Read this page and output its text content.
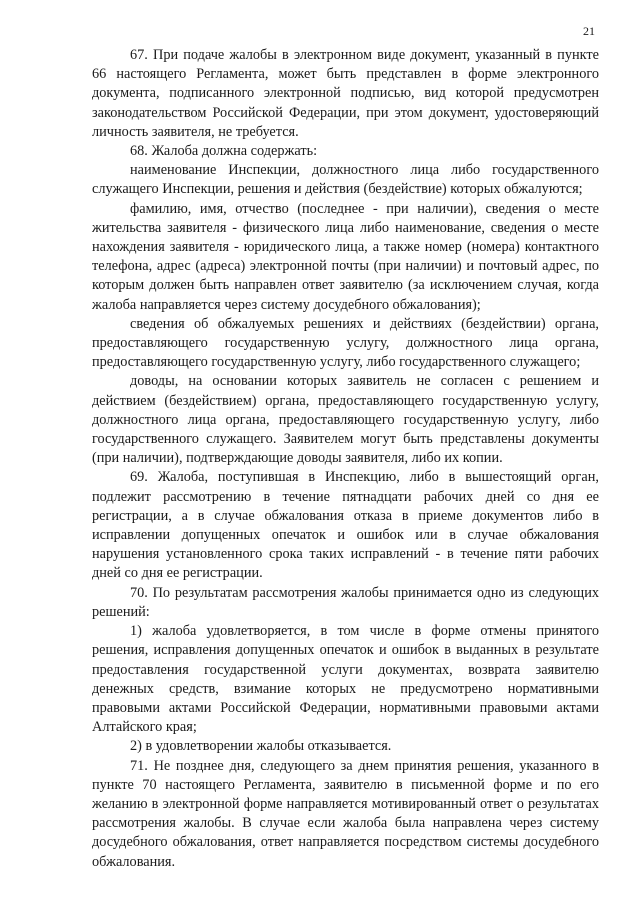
21

67. При подаче жалобы в электронном виде документ, указанный в пункте 66 настоящего Регламента, может быть представлен в форме электронного документа, подписанного электронной подписью, вид которой предусмотрен законодательством Российской Федерации, при этом документ, удостоверяющий личность заявителя, не требуется.

68. Жалоба должна содержать:

наименование Инспекции, должностного лица либо государственного служащего Инспекции, решения и действия (бездействие) которых обжалуются;

фамилию, имя, отчество (последнее - при наличии), сведения о месте жительства заявителя - физического лица либо наименование, сведения о месте нахождения заявителя - юридического лица, а также номер (номера) контактного телефона, адрес (адреса) электронной почты (при наличии) и почтовый адрес, по которым должен быть направлен ответ заявителю (за исключением случая, когда жалоба направляется через систему досудебного обжалования);

сведения об обжалуемых решениях и действиях (бездействии) органа, предоставляющего государственную услугу, должностного лица органа, предоставляющего государственную услугу, либо государственного служащего;

доводы, на основании которых заявитель не согласен с решением и действием (бездействием) органа, предоставляющего государственную услугу, должностного лица органа, предоставляющего государственную услугу, либо государственного служащего. Заявителем могут быть представлены документы (при наличии), подтверждающие доводы заявителя, либо их копии.

69. Жалоба, поступившая в Инспекцию, либо в вышестоящий орган, подлежит рассмотрению в течение пятнадцати рабочих дней со дня ее регистрации, а в случае обжалования отказа в приеме документов либо в исправлении допущенных опечаток и ошибок или в случае обжалования нарушения установленного срока таких исправлений - в течение пяти рабочих дней со дня ее регистрации.

70. По результатам рассмотрения жалобы принимается одно из следующих решений:

1) жалоба удовлетворяется, в том числе в форме отмены принятого решения, исправления допущенных опечаток и ошибок в выданных в результате предоставления государственной услуги документах, возврата заявителю денежных средств, взимание которых не предусмотрено нормативными правовыми актами Российской Федерации, нормативными правовыми актами Алтайского края;

2) в удовлетворении жалобы отказывается.

71. Не позднее дня, следующего за днем принятия решения, указанного в пункте 70 настоящего Регламента, заявителю в письменной форме и по его желанию в электронной форме направляется мотивированный ответ о результатах рассмотрения жалобы. В случае если жалоба была направлена через систему досудебного обжалования, ответ направляется посредством системы досудебного обжалования.
